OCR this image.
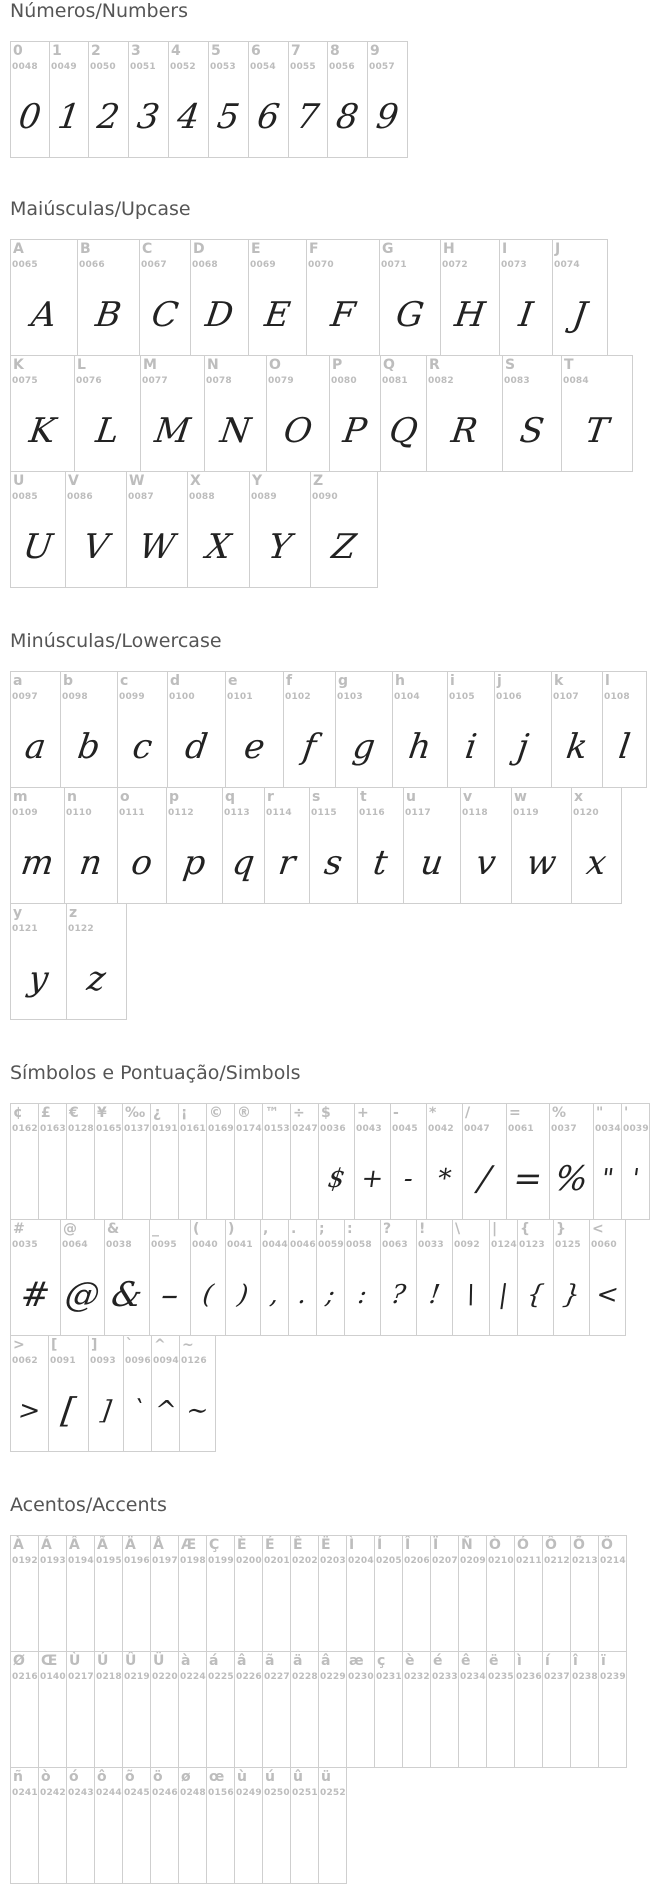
Números/Numbers
0
0048
0
1
0049
1
2
0050
2
3
0051
3
4
0052
4
5
0053
5
6
0054
6
7
0055
7
8
0056
8
9
0057
9
Maiúsculas/Upcase
A
0065
A
B
0066
B
C
0067
C
D
0068
D
E
0069
E
F
0070
F
G
0071
G
H
0072
H
I
0073
I
J
0074
J
K
0075
K
L
0076
L
M
0077
M
N
0078
N
O
0079
O
P
0080
P
Q
0081
Q
R
0082
R
S
0083
S
T
0084
T
U
0085
U
V
0086
V
W
0087
W
X
0088
X
Y
0089
Y
Z
0090
Z
Minúsculas/Lowercase
a
0097
a
b
0098
b
c
0099
c
d
0100
d
e
0101
e
f
0102
f
g
0103
g
h
0104
h
i
0105
i
j
0106
j
k
0107
k
l
0108
l
m
0109
m
n
0110
n
o
0111
o
p
0112
p
q
0113
q
r
0114
r
s
0115
s
t
0116
t
u
0117
u
v
0118
v
w
0119
w
x
0120
x
y
0121
y
z
0122
z
Símbolos e Pontuação/Simbols
¢
0162
£
0163
€
0128
¥
0165
‰
0137
¿
0191
¡
0161
©
0169
®
0174
™
0153
÷
0247
$
0036
$
+
0043
+
-
0045
-
*
0042
*
/
0047
/
=
0061
=
%
0037
%
"
0034
"
'
0039
'
#
0035
#
@
0064
@
&
0038
&
_
0095
–
(
0040
(
)
0041
)
,
0044
,
.
0046
.
;
0059
;
:
0058
:
?
0063
?
!
0033
!
\
0092
\
|
0124
|
{
0123
{
}
0125
}
<
0060
<
>
0062
>
[
0091
[
]
0093
]
`
0096
`
^
0094
^
~
0126
~
Acentos/Accents
À
0192
Á
0193
Â
0194
Ã
0195
Ä
0196
Å
0197
Æ
0198
Ç
0199
È
0200
É
0201
Ê
0202
Ë
0203
Ì
0204
Í
0205
Î
0206
Ï
0207
Ñ
0209
Ò
0210
Ó
0211
Ô
0212
Õ
0213
Ö
0214
Ø
0216
Œ
0140
Ù
0217
Ú
0218
Û
0219
Ü
0220
à
0224
á
0225
â
0226
ã
0227
ä
0228
â
0229
æ
0230
ç
0231
è
0232
é
0233
ê
0234
ë
0235
ì
0236
í
0237
î
0238
ï
0239
ñ
0241
ò
0242
ó
0243
ô
0244
õ
0245
ö
0246
ø
0248
œ
0156
ù
0249
ú
0250
û
0251
ü
0252
